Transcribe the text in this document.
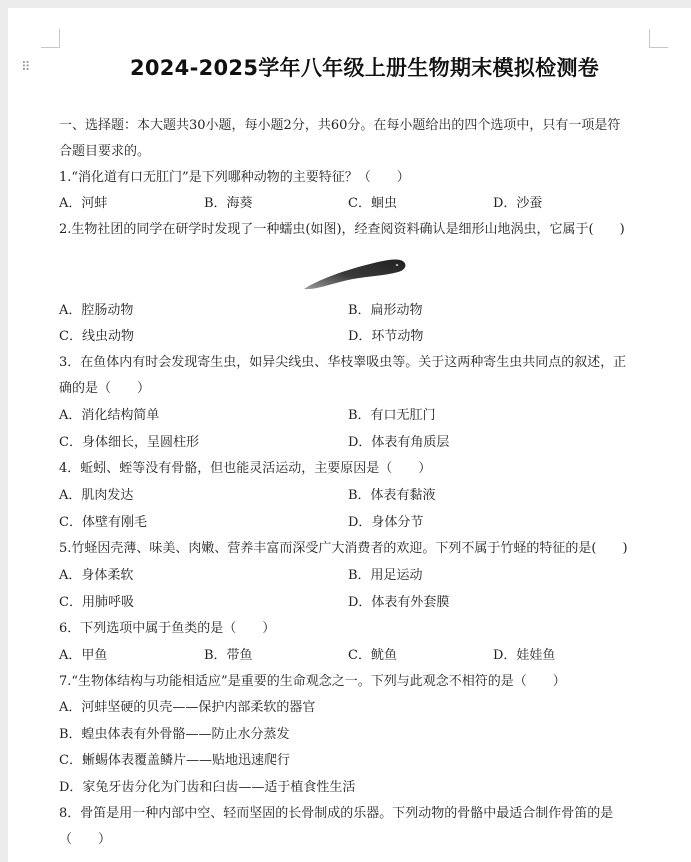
⠿	2024-2025学年八年级上册生物期末模拟检测卷
一、选择题：本大题共30小题，每小题2分，共60分。在每小题给出的四个选项中，只有一项是符
合题目要求的。
1.“消化道有口无肛门”是下列哪种动物的主要特征？（　　）
A．河蚌	B．海葵	C．蛔虫	D．沙蚕
2.生物社团的同学在研学时发现了一种蠕虫(如图)，经查阅资料确认是细形山地涡虫，它属于(　　)
A．腔肠动物	B．扁形动物
C．线虫动物	D．环节动物
3．在鱼体内有时会发现寄生虫，如异尖线虫、华枝睾吸虫等。关于这两种寄生虫共同点的叙述，正
确的是（　　）
A．消化结构简单	B．有口无肛门
C．身体细长，呈圆柱形	D．体表有角质层
4．蚯蚓、蛭等没有骨骼，但也能灵活运动，主要原因是（　　）
A．肌肉发达	B．体表有黏液
C．体壁有刚毛	D．身体分节
5.竹蛏因壳薄、味美、肉嫩、营养丰富而深受广大消费者的欢迎。下列不属于竹蛏的特征的是(　　)
A．身体柔软	B．用足运动
C．用肺呼吸	D．体表有外套膜
6．下列选项中属于鱼类的是（　　）
A．甲鱼	B．带鱼	C．鱿鱼	D．娃娃鱼
7.“生物体结构与功能相适应”是重要的生命观念之一。下列与此观念不相符的是（　　）
A．河蚌坚硬的贝壳——保护内部柔软的器官
B．蝗虫体表有外骨骼——防止水分蒸发
C．蜥蜴体表覆盖鳞片——贴地迅速爬行
D．家兔牙齿分化为门齿和臼齿——适于植食性生活
8．骨笛是用一种内部中空、轻而坚固的长骨制成的乐器。下列动物的骨骼中最适合制作骨笛的是
（　　）
